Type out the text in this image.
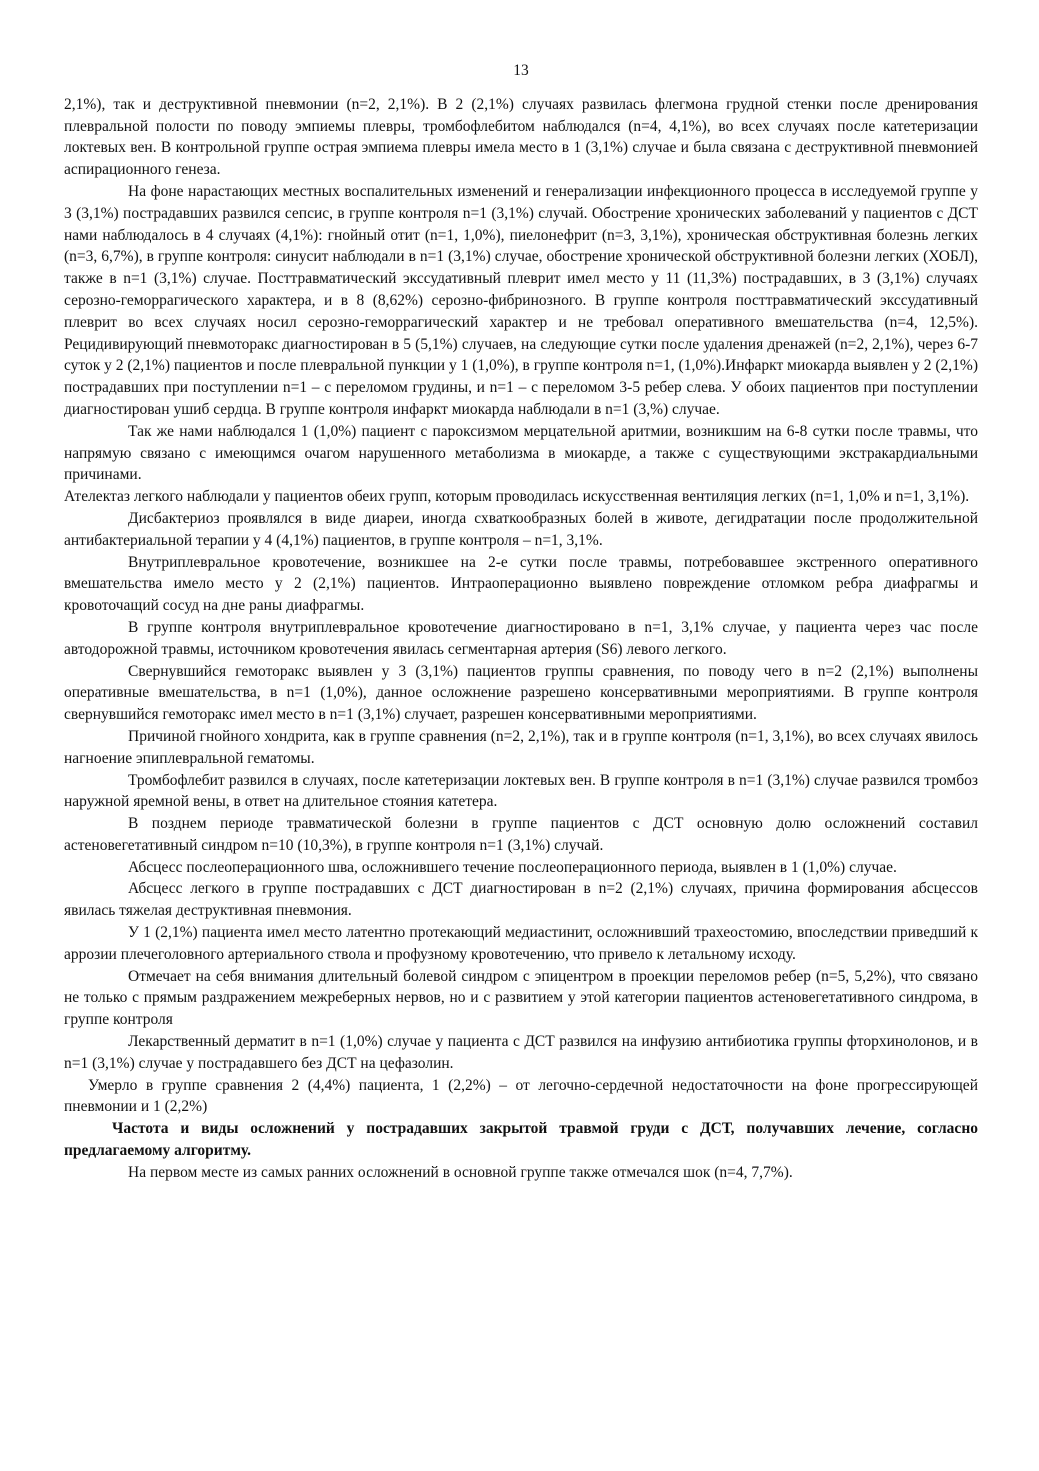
13

2,1%), так и деструктивной пневмонии (n=2, 2,1%). В 2 (2,1%) случаях развилась флегмона грудной стенки после дренирования плевральной полости по поводу эмпиемы плевры, тромбофлебитом наблюдался (n=4, 4,1%), во всех случаях после катетеризации локтевых вен. В контрольной группе острая эмпиема плевры имела место в 1 (3,1%) случае и была связана с деструктивной пневмонией аспирационного генеза.

На фоне нарастающих местных воспалительных изменений и генерализации инфекционного процесса в исследуемой группе у 3 (3,1%) пострадавших развился сепсис, в группе контроля n=1 (3,1%) случай. Обострение хронических заболеваний у пациентов с ДСТ нами наблюдалось в 4 случаях (4,1%): гнойный отит (n=1, 1,0%), пиелонефрит (n=3, 3,1%), хроническая обструктивная болезнь легких (n=3, 6,7%), в группе контроля: синусит наблюдали в n=1 (3,1%) случае, обострение хронической обструктивной болезни легких (ХОБЛ), также в n=1 (3,1%) случае. Посттравматический экссудативный плеврит имел место у 11 (11,3%) пострадавших, в 3 (3,1%) случаях серозно-геморрагического характера, и в 8 (8,62%) серозно-фибринозного. В группе контроля посттравматический экссудативный плеврит во всех случаях носил серозно-геморрагический характер и не требовал оперативного вмешательства (n=4, 12,5%). Рецидивирующий пневмоторакс диагностирован в 5 (5,1%) случаев, на следующие сутки после удаления дренажей (n=2, 2,1%), через 6-7 суток у 2 (2,1%) пациентов и после плевральной пункции у 1 (1,0%), в группе контроля n=1, (1,0%).Инфаркт миокарда выявлен у 2 (2,1%) пострадавших при поступлении n=1 – с переломом грудины, и n=1 – с переломом 3-5 ребер слева. У обоих пациентов при поступлении диагностирован ушиб сердца. В группе контроля инфаркт миокарда наблюдали в n=1 (3,%) случае.

Так же нами наблюдался 1 (1,0%) пациент с пароксизмом мерцательной аритмии, возникшим на 6-8 сутки после травмы, что напрямую связано с имеющимся очагом нарушенного метаболизма в миокарде, а также с существующими экстракардиальными причинами.

Ателектаз легкого наблюдали у пациентов обеих групп, которым проводилась искусственная вентиляция легких (n=1, 1,0% и n=1, 3,1%).

Дисбактериоз проявлялся в виде диареи, иногда схваткообразных болей в животе, дегидратации после продолжительной антибактериальной терапии у 4 (4,1%) пациентов, в группе контроля – n=1, 3,1%.

Внутриплевральное кровотечение, возникшее на 2-е сутки после травмы, потребовавшее экстренного оперативного вмешательства имело место у 2 (2,1%) пациентов. Интраоперационно выявлено повреждение отломком ребра диафрагмы и кровоточащий сосуд на дне раны диафрагмы.

В группе контроля внутриплевральное кровотечение диагностировано в n=1, 3,1% случае, у пациента через час после автодорожной травмы, источником кровотечения явилась сегментарная артерия (S6) левого легкого.

Свернувшийся гемоторакс выявлен у 3 (3,1%) пациентов группы сравнения, по поводу чего в n=2 (2,1%) выполнены оперативные вмешательства, в n=1 (1,0%), данное осложнение разрешено консервативными мероприятиями. В группе контроля свернувшийся гемоторакс имел место в n=1 (3,1%) случает, разрешен консервативными мероприятиями.

Причиной гнойного хондрита, как в группе сравнения (n=2, 2,1%), так и в группе контроля (n=1, 3,1%), во всех случаях явилось нагноение эпиплевральной гематомы.

Тромбофлебит развился в случаях, после катетеризации локтевых вен. В группе контроля в n=1 (3,1%) случае развился тромбоз наружной яремной вены, в ответ на длительное стояния катетера.

В позднем периоде травматической болезни в группе пациентов с ДСТ основную долю осложнений составил астеновегетативный синдром n=10 (10,3%), в группе контроля n=1 (3,1%) случай.

Абсцесс послеоперационного шва, осложнившего течение послеоперационного периода, выявлен в 1 (1,0%) случае.

Абсцесс легкого в группе пострадавших с ДСТ диагностирован в n=2 (2,1%) случаях, причина формирования абсцессов явилась тяжелая деструктивная пневмония.

У 1 (2,1%) пациента имел место латентно протекающий медиастинит, осложнивший трахеостомию, впоследствии приведший к аррозии плечеголовного артериального ствола и профузному кровотечению, что привело к летальному исходу.

Отмечает на себя внимания длительный болевой синдром с эпицентром в проекции переломов ребер (n=5, 5,2%), что связано не только с прямым раздражением межреберных нервов, но и с развитием у этой категории пациентов астеновегетативного синдрома, в группе контроля

Лекарственный дерматит в n=1 (1,0%) случае у пациента с ДСТ развился на инфузию антибиотика группы фторхинолонов, и в n=1 (3,1%) случае у пострадавшего без ДСТ на цефазолин.

Умерло в группе сравнения 2 (4,4%) пациента, 1 (2,2%) – от легочно-сердечной недостаточности на фоне прогрессирующей пневмонии и 1 (2,2%)

Частота и виды осложнений у пострадавших закрытой травмой груди с ДСТ, получавших лечение, согласно предлагаемому алгоритму.

На первом месте из самых ранних осложнений в основной группе также отмечался шок (n=4, 7,7%).
